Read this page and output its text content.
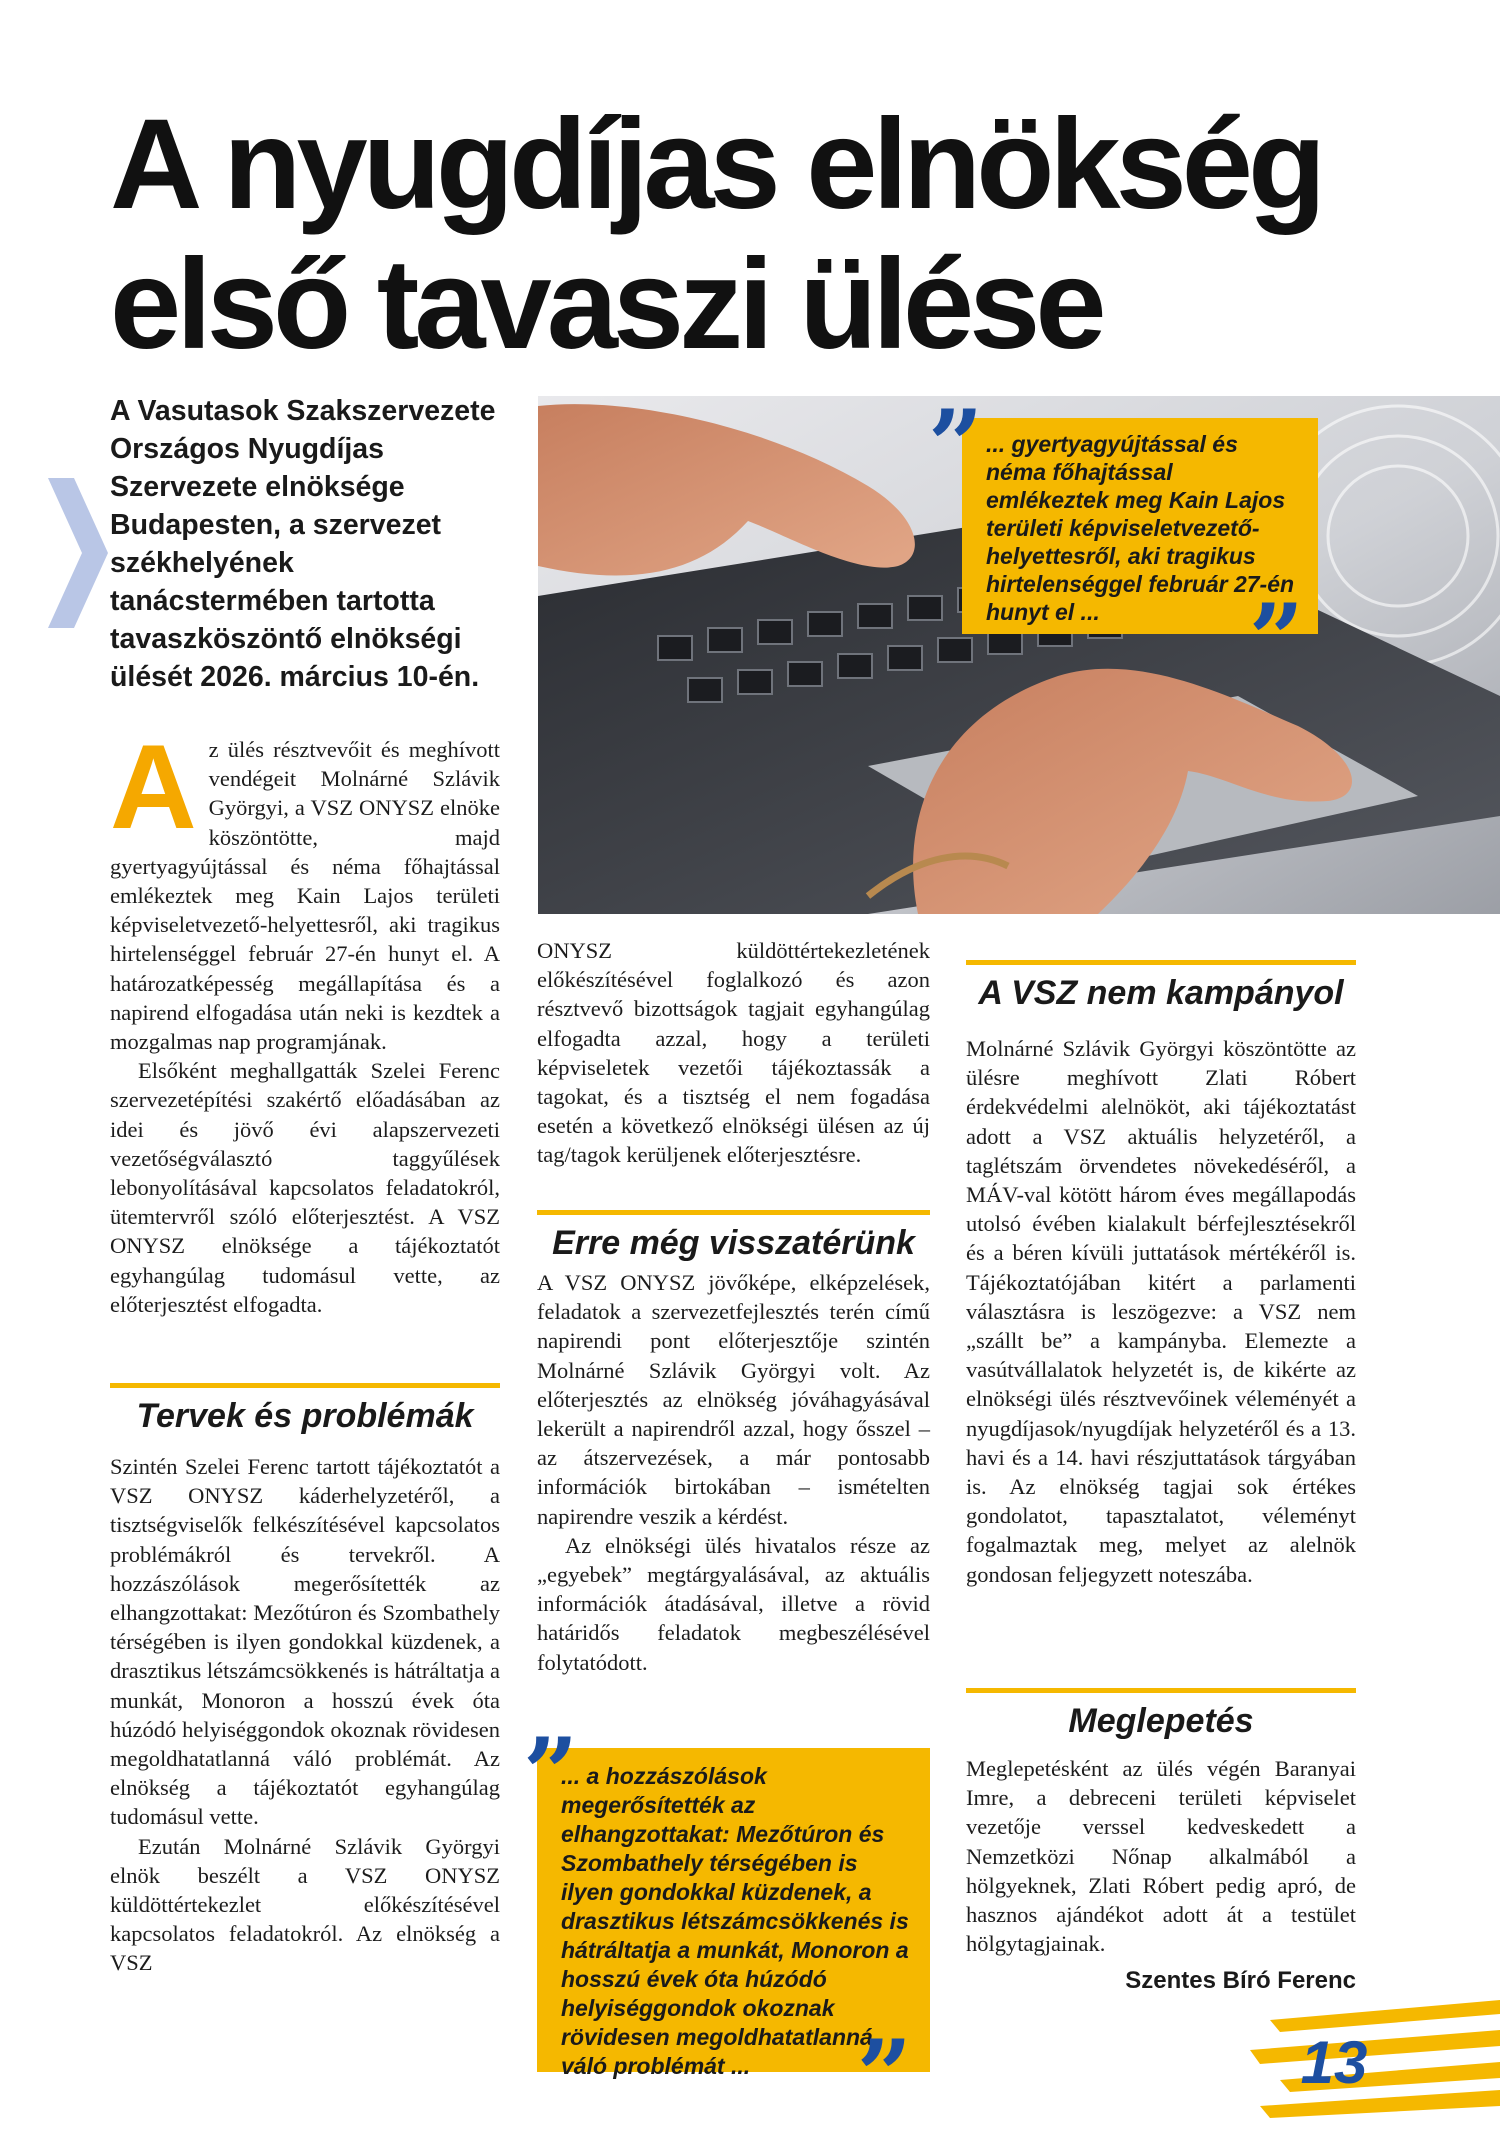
A nyugdíjas elnökség
első tavaszi ülése

A Vasutasok Szakszervezete Országos Nyugdíjas Szervezete elnöksége Budapesten, a szervezet székhelyének tanácstermében tartotta tavaszköszöntő elnökségi ülését 2026. március 10-én.

” ... gyertyagyújtással és néma főhajtással emlékeztek meg Kain Lajos területi képviseletvezető-helyettesről, aki tragikus hirtelenséggel február 27-én hunyt el ... ”
A z ülés résztvevőit és meghívott vendégeit Molnárné Szlávik Györgyi, a VSZ ONYSZ elnöke köszöntötte, majd gyertyagyújtással és néma főhajtással emlékeztek meg Kain Lajos területi képviseletvezető-helyettesről, aki tragikus hirtelenséggel február 27-én hunyt el. A határozatképesség megállapítása és a napirend elfogadása után neki is kezdtek a mozgalmas nap programjának.

Elsőként meghallgatták Szelei Ferenc szervezetépítési szakértő előadásában az idei és jövő évi alapszervezeti vezetőségválasztó taggyűlések lebonyolításával kapcsolatos feladatokról, ütemtervről szóló előterjesztést. A VSZ ONYSZ elnöksége a tájékoztatót egyhangúlag tudomásul vette, az előterjesztést elfogadta.

Tervek és problémák

Szintén Szelei Ferenc tartott tájékoztatót a VSZ ONYSZ káderhelyzetéről, a tisztségviselők felkészítésével kapcsolatos problémákról és tervekről. A hozzászólások megerősítették az elhangzottakat: Mezőtúron és Szombathely térségében is ilyen gondokkal küzdenek, a drasztikus létszámcsökkenés is hátráltatja a munkát, Monoron a hosszú évek óta húzódó helyiséggondok okoznak rövidesen megoldhatatlanná váló problémát. Az elnökség a tájékoztatót egyhangúlag tudomásul vette.

Ezután Molnárné Szlávik Györgyi elnök beszélt a VSZ ONYSZ küldöttértekezlet előkészítésével kapcsolatos feladatokról. Az elnökség a VSZ

ONYSZ küldöttértekezletének előkészítésével foglalkozó és azon résztvevő bizottságok tagjait egyhangúlag elfogadta azzal, hogy a területi képviseletek vezetői tájékoztassák a tagokat, és a tisztség el nem fogadása esetén a következő elnökségi ülésen az új tag/tagok kerüljenek előterjesztésre.

Erre még visszatérünk

A VSZ ONYSZ jövőképe, elképzelések, feladatok a szervezetfejlesztés terén című napirendi pont előterjesztője szintén Molnárné Szlávik Györgyi volt. Az előterjesztés az elnökség jóváhagyásával lekerült a napirendről azzal, hogy ősszel – az átszervezések, a már pontosabb információk birtokában – ismételten napirendre veszik a kérdést.

Az elnökségi ülés hivatalos része az „egyebek” megtárgyalásával, az aktuális információk átadásával, illetve a rövid határidős feladatok megbeszélésével folytatódott.

”
... a hozzászólások megerősítették az elhangzottakat: Mezőtúron és Szombathely térségében is ilyen gondokkal küzdenek, a drasztikus létszámcsökkenés is hátráltatja a munkát, Monoron a hosszú évek óta húzódó helyiséggondok okoznak rövidesen megoldhatatlanná váló problémát ... ”
A VSZ nem kampányol

Molnárné Szlávik Györgyi köszöntötte az ülésre meghívott Zlati Róbert érdekvédelmi alelnököt, aki tájékoztatást adott a VSZ aktuális helyzetéről, a taglétszám örvendetes növekedéséről, a MÁV-val kötött három éves megállapodás utolsó évében kialakult bérfejlesztésekről és a béren kívüli juttatások mértékéről is. Tájékoztatójában kitért a parlamenti választásra is leszögezve: a VSZ nem „szállt be” a kampányba. Elemezte a vasútvállalatok helyzetét is, de kikérte az elnökségi ülés résztvevőinek véleményét a nyugdíjasok/nyugdíjak helyzetéről és a 13. havi és a 14. havi részjuttatások tárgyában is. Az elnökség tagjai sok értékes gondolatot, tapasztalatot, véleményt fogalmaztak meg, melyet az alelnök gondosan feljegyzett noteszába.

Meglepetés

Meglepetésként az ülés végén Baranyai Imre, a debreceni területi képviselet vezetője verssel kedveskedett a Nemzetközi Nőnap alkalmából a hölgyeknek, Zlati Róbert pedig apró, de hasznos ajándékot adott át a testület hölgytagjainak.

Szentes Bíró Ferenc
13
